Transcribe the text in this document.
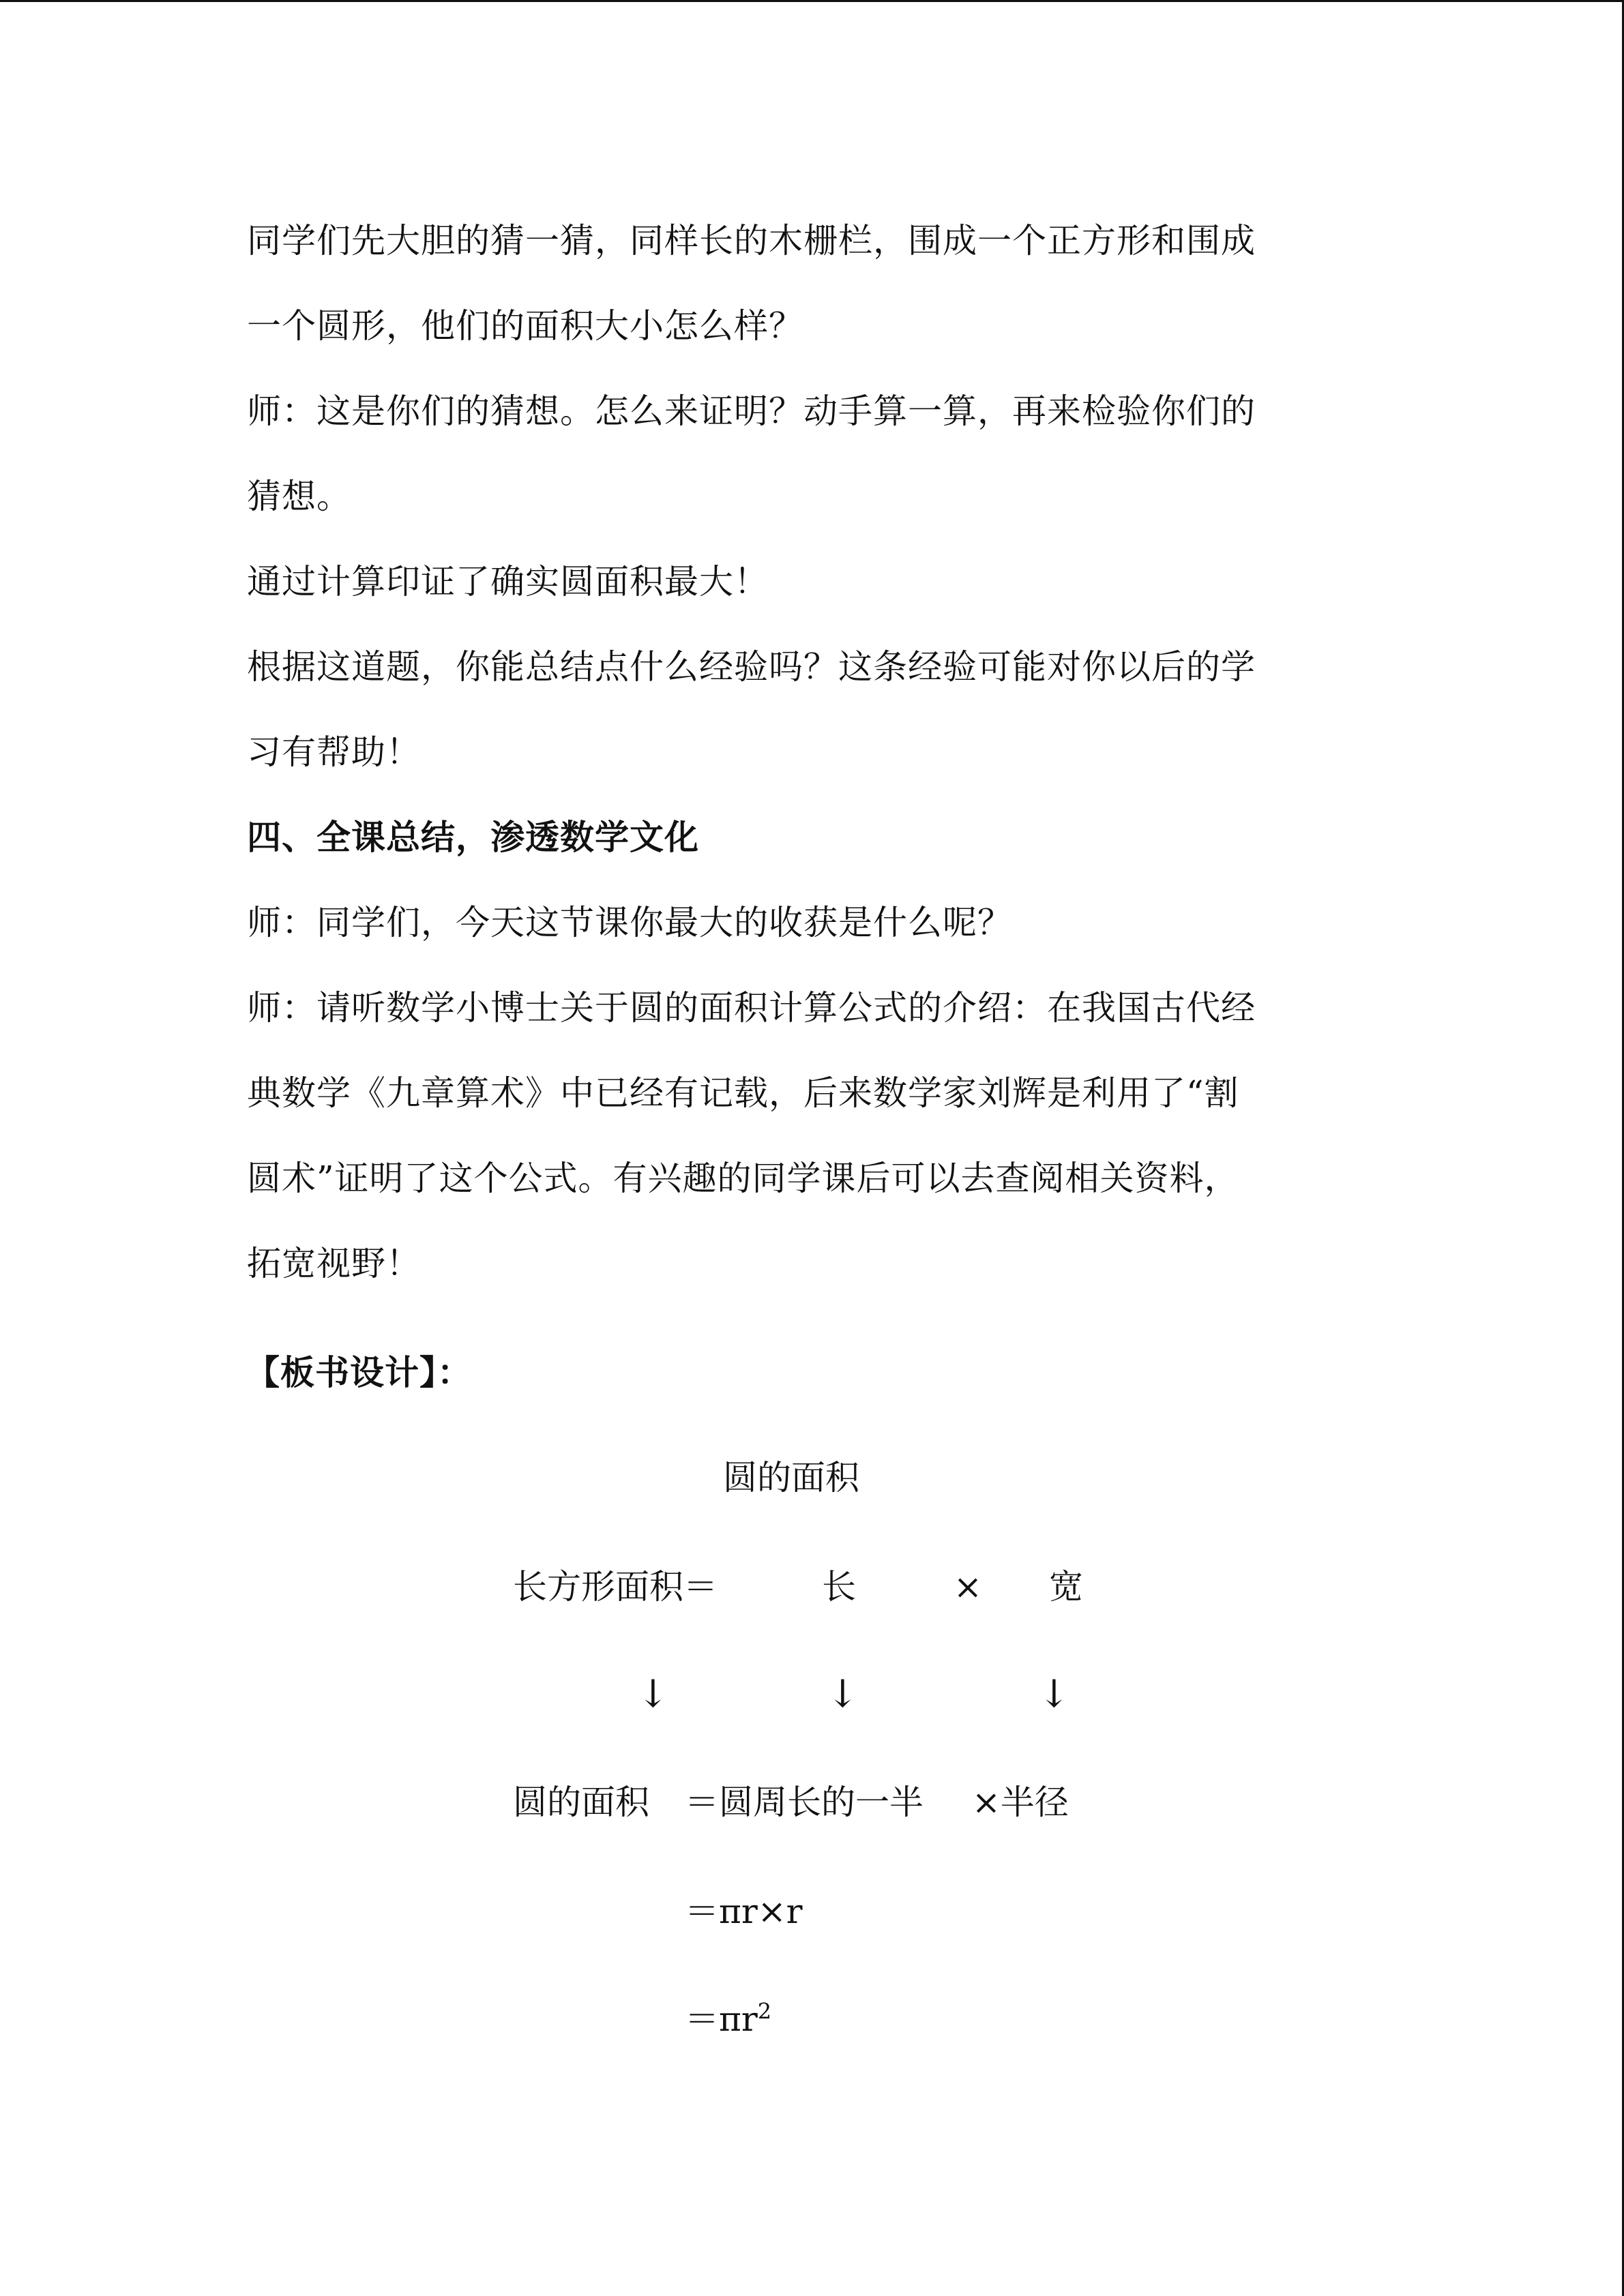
同学们先大胆的猜一猜，同样长的木栅栏，围成一个正方形和围成
一个圆形，他们的面积大小怎么样？
师：这是你们的猜想。怎么来证明？动手算一算，再来检验你们的
猜想。
通过计算印证了确实圆面积最大！
根据这道题，你能总结点什么经验吗？这条经验可能对你以后的学
习有帮助！
四、全课总结，渗透数学文化
师：同学们，今天这节课你最大的收获是什么呢？
师：请听数学小博士关于圆的面积计算公式的介绍：在我国古代经
典数学《九章算术》中已经有记载，后来数学家刘辉是利用了“割
圆术”证明了这个公式。有兴趣的同学课后可以去查阅相关资料，
拓宽视野！
【板书设计】：
圆的面积
长方形面积＝	长	× 宽
↓	↓	↓
圆的面积 ＝圆周长的一半 ×半径
＝πr×r
$=\pi r^2$
